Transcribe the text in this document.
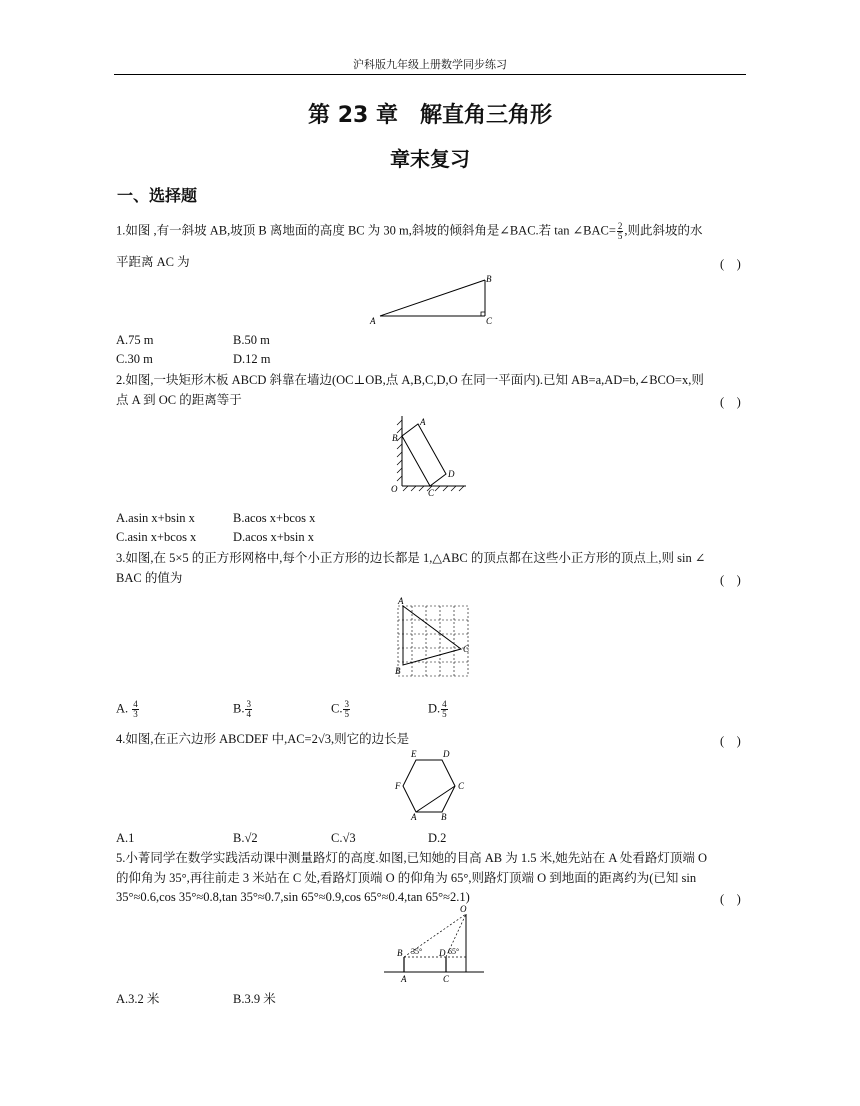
沪科版九年级上册数学同步练习
第 23 章　解直角三角形
章末复习
一、选择题
1.如图 ,有一斜坡 AB,坡顶 B 离地面的高度 BC 为 30 m,斜坡的倾斜角是∠BAC.若 tan ∠BAC= $\frac{2}{5}$ ,则此斜坡的水
平距离 AC 为	(　)
A
B
C
A.75 m	B.50 m
C.30 m	D.12 m
2.如图,一块矩形木板 ABCD 斜靠在墙边(OC⊥OB,点 A,B,C,D,O 在同一平面内).已知 AB=a,AD=b,∠BCO=x,则
点 A 到 OC 的距离等于	(　)
A
B
C
D
O
A.asin x+bsin x	B.acos x+bcos x
C.asin x+bcos x	D.acos x+bsin x
3.如图,在 5×5 的正方形网格中,每个小正方形的边长都是 1,△ABC 的顶点都在这些小正方形的顶点上,则 sin ∠
BAC 的值为	(　)
A
B
C
A. $\frac{4}{3}$	B. $\frac{3}{4}$	C. $\frac{3}{5}$	D. $\frac{4}{5}$
4.如图,在正六边形 ABCDEF 中,AC=2√3,则它的边长是	(　)
A	B
C
D
E
F
A.1	B.√2	C.√3	D.2
5.小菁同学在数学实践活动课中测量路灯的高度.如图,已知她的目高 AB 为 1.5 米,她先站在 A 处看路灯顶端 O
的仰角为 35°,再往前走 3 米站在 C 处,看路灯顶端 O 的仰角为 65°,则路灯顶端 O 到地面的距离约为(已知 sin
35°≈0.6,cos 35°≈0.8,tan 35°≈0.7,sin 65°≈0.9,cos 65°≈0.4,tan 65°≈2.1)	(　)
O
B	D
A	C
35°	65°
A.3.2 米	B.3.9 米
